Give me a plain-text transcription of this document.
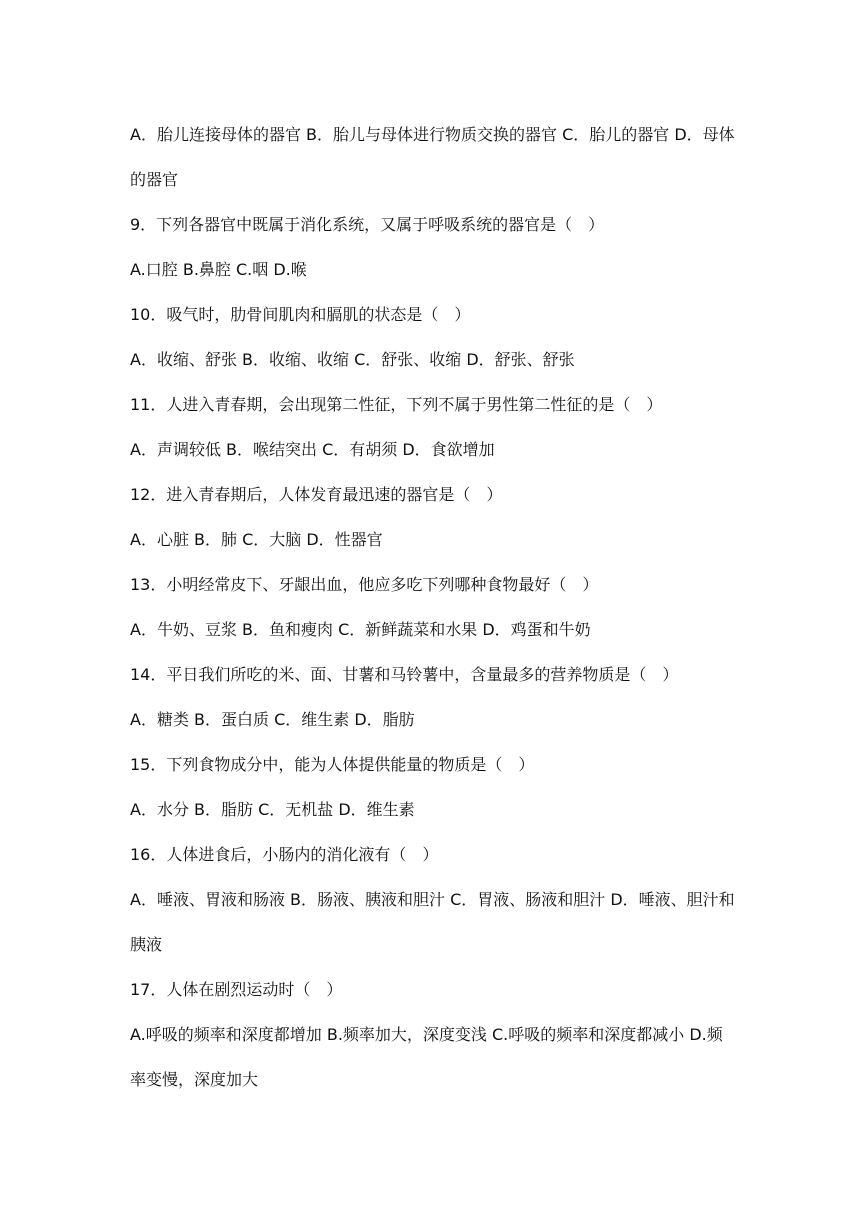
A．胎儿连接母体的器官 B．胎儿与母体进行物质交换的器官 C．胎儿的器官 D．母体的器官

9．下列各器官中既属于消化系统，又属于呼吸系统的器官是（　）

A.口腔 B.鼻腔 C.咽 D.喉

10．吸气时，肋骨间肌肉和膈肌的状态是（　）

A．收缩、舒张 B．收缩、收缩 C．舒张、收缩 D．舒张、舒张

11．人进入青春期，会出现第二性征，下列不属于男性第二性征的是（　）

A．声调较低 B．喉结突出 C．有胡须 D．食欲增加

12．进入青春期后，人体发育最迅速的器官是（　）

A．心脏 B．肺 C．大脑 D．性器官

13．小明经常皮下、牙龈出血，他应多吃下列哪种食物最好（　）

A．牛奶、豆浆 B．鱼和瘦肉 C．新鲜蔬菜和水果 D．鸡蛋和牛奶

14．平日我们所吃的米、面、甘薯和马铃薯中，含量最多的营养物质是（　）

A．糖类 B．蛋白质 C．维生素 D．脂肪

15．下列食物成分中，能为人体提供能量的物质是（　）

A．水分 B．脂肪 C．无机盐 D．维生素

16．人体进食后，小肠内的消化液有（　）

A．唾液、胃液和肠液 B．肠液、胰液和胆汁 C．胃液、肠液和胆汁 D．唾液、胆汁和胰液

17．人体在剧烈运动时（　）

A.呼吸的频率和深度都增加 B.频率加大，深度变浅 C.呼吸的频率和深度都减小 D.频率变慢，深度加大
